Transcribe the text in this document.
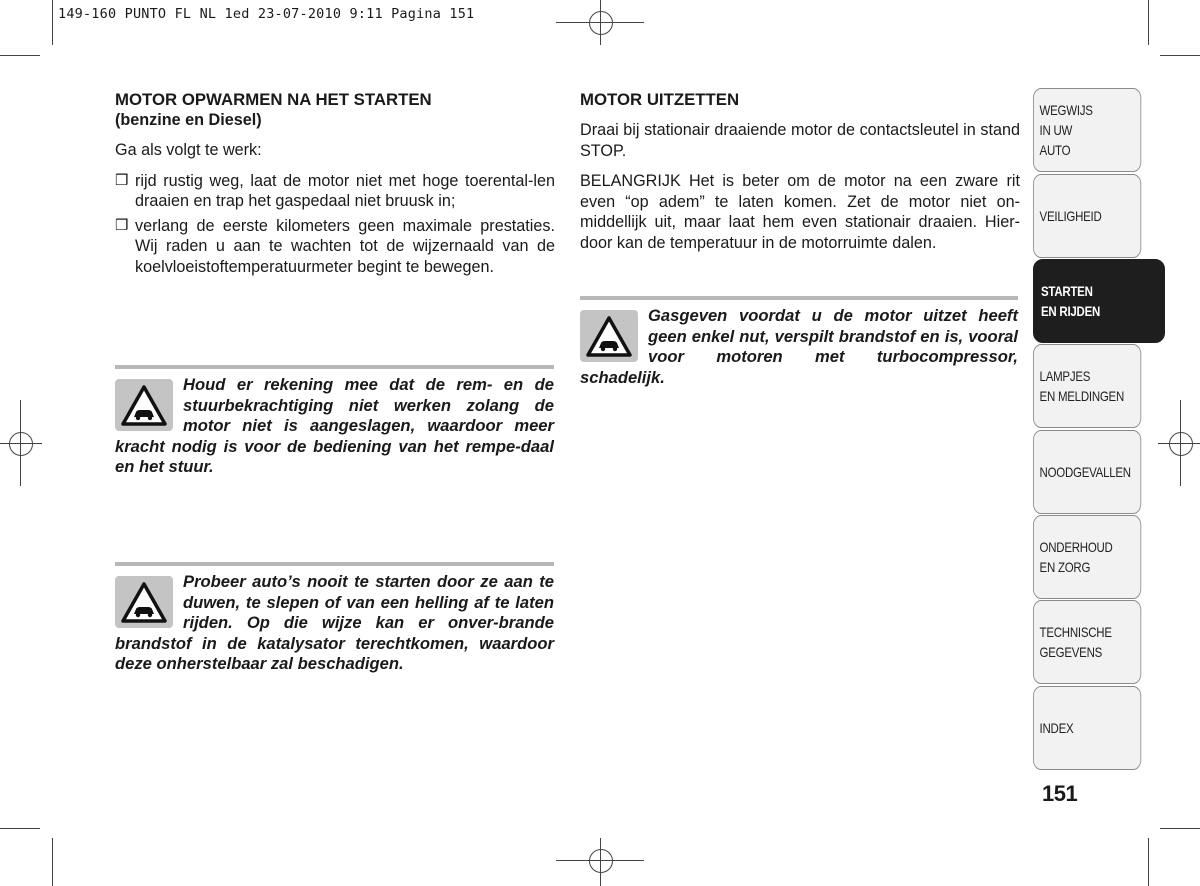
149-160 PUNTO FL NL 1ed 23-07-2010 9:11 Pagina 151
MOTOR OPWARMEN NA HET STARTEN
(benzine en Diesel)

Ga als volgt te werk:

❒ rijd rustig weg, laat de motor niet met hoge toerental-len draaien en trap het gaspedaal niet bruusk in;
❒ verlang de eerste kilometers geen maximale prestaties. Wij raden u aan te wachten tot de wijzernaald van de koelvloeistoftemperatuurmeter begint te bewegen.
Houd er rekening mee dat de rem- en de stuurbekrachtiging niet werken zolang de motor niet is aangeslagen, waardoor meer kracht nodig is voor de bediening van het rempe-daal en het stuur.
Probeer auto’s nooit te starten door ze aan te duwen, te slepen of van een helling af te laten rijden. Op die wijze kan er onver-brande brandstof in de katalysator terechtkomen, waardoor deze onherstelbaar zal beschadigen.
MOTOR UITZETTEN

Draai bij stationair draaiende motor de contactsleutel in stand STOP.

BELANGRIJK Het is beter om de motor na een zware rit even “op adem” te laten komen. Zet de motor niet on-middellijk uit, maar laat hem even stationair draaien. Hier-door kan de temperatuur in de motorruimte dalen.

Gasgeven voordat u de motor uitzet heeft geen enkel nut, verspilt brandstof en is, vooral voor motoren met turbocompressor, schadelijk.
WEGWIJS
IN UW
AUTO
VEILIGHEID
STARTEN
EN RIJDEN
LAMPJES
EN MELDINGEN
NOODGEVALLEN
ONDERHOUD
EN ZORG
TECHNISCHE
GEGEVENS
INDEX
151
